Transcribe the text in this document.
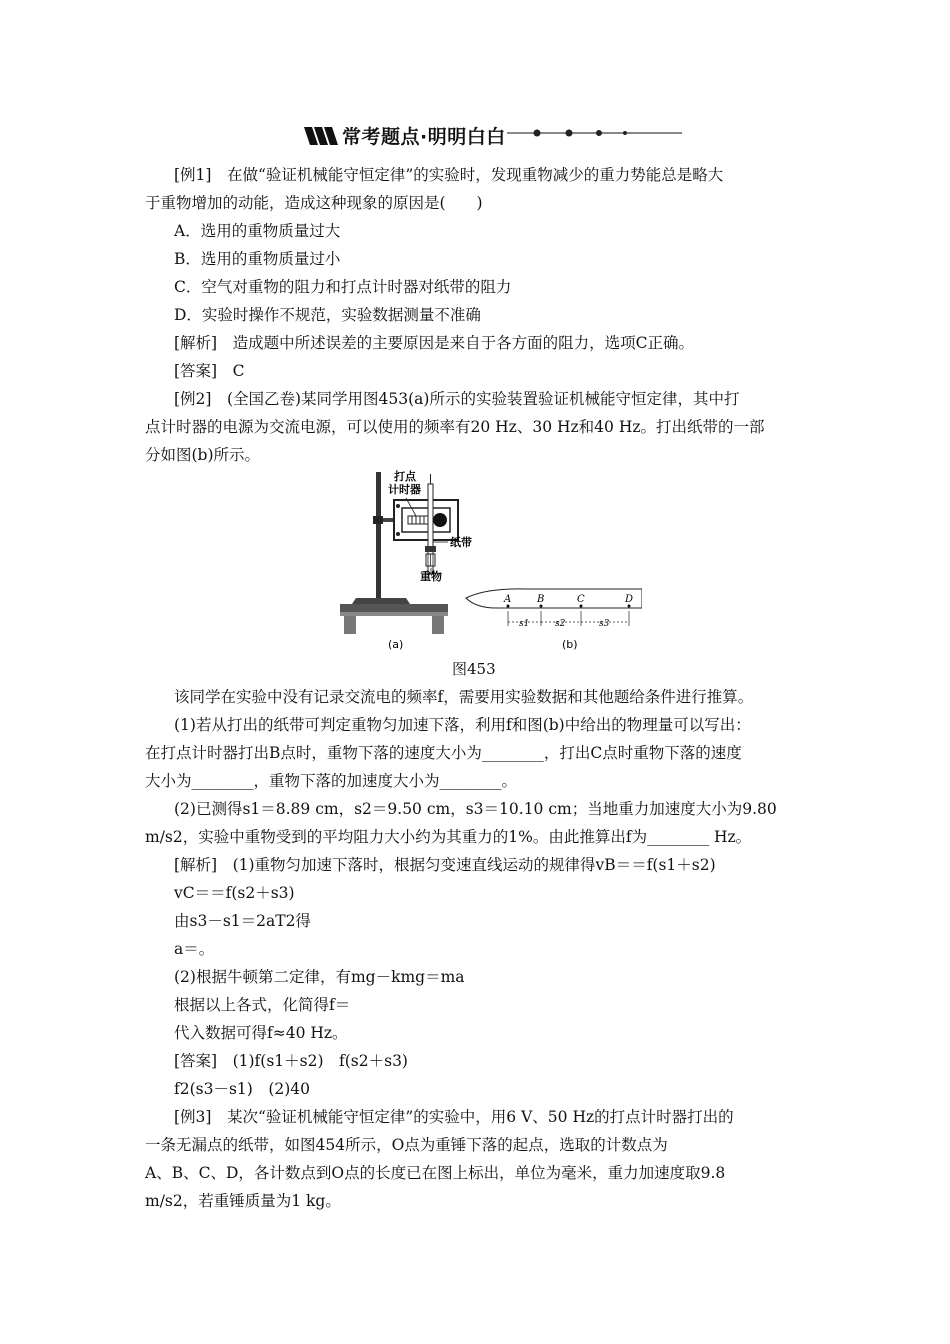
常考题点·明明白白
[例1]　在做“验证机械能守恒定律”的实验时，发现重物减少的重力势能总是略大
于重物增加的动能，造成这种现象的原因是(　　)
A．选用的重物质量过大
B．选用的重物质量过小
C．空气对重物的阻力和打点计时器对纸带的阻力
D．实验时操作不规范，实验数据测量不准确
[解析]　造成题中所述误差的主要原因是来自于各方面的阻力，选项C正确。
[答案]　C
[例2]　(全国乙卷)某同学用图453(a)所示的实验装置验证机械能守恒定律，其中打
点计时器的电源为交流电源，可以使用的频率有20 Hz、30 Hz和40 Hz。打出纸带的一部
分如图(b)所示。
打点
计时器
纸带
重物
(a)
A	B	C	D
s1	s2	s3
(b)
图453
该同学在实验中没有记录交流电的频率f，需要用实验数据和其他题给条件进行推算。
(1)若从打出的纸带可判定重物匀加速下落，利用f和图(b)中给出的物理量可以写出：
在打点计时器打出B点时，重物下落的速度大小为________，打出C点时重物下落的速度
大小为________，重物下落的加速度大小为________。
(2)已测得s1＝8.89 cm，s2＝9.50 cm，s3＝10.10 cm；当地重力加速度大小为9.80
m/s2，实验中重物受到的平均阻力大小约为其重力的1%。由此推算出f为________ Hz。
[解析]　(1)重物匀加速下落时，根据匀变速直线运动的规律得vB＝＝f(s1＋s2)
vC＝＝f(s2＋s3)
由s3－s1＝2aT2得
a＝。
(2)根据牛顿第二定律，有mg－kmg＝ma
根据以上各式，化简得f＝
代入数据可得f≈40 Hz。
[答案]　(1)f(s1＋s2)　f(s2＋s3)
f2(s3－s1)　(2)40
[例3]　某次“验证机械能守恒定律”的实验中，用6 V、50 Hz的打点计时器打出的
一条无漏点的纸带，如图454所示，O点为重锤下落的起点，选取的计数点为
A、B、C、D，各计数点到O点的长度已在图上标出，单位为毫米，重力加速度取9.8
m/s2，若重锤质量为1 kg。
